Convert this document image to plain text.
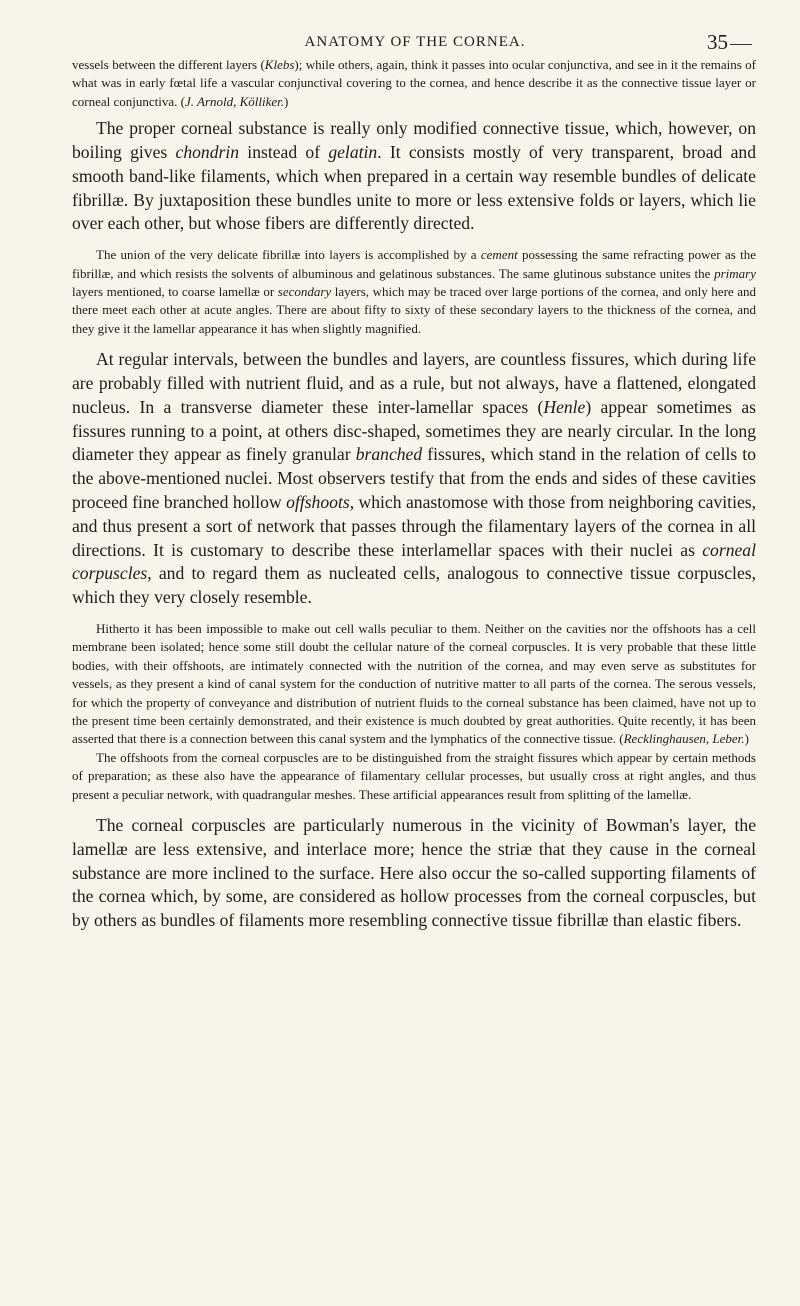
ANATOMY OF THE CORNEA.	35

vessels between the different layers (Klebs); while others, again, think it passes into ocular conjunctiva, and see in it the remains of what was in early fœtal life a vascular conjunctival covering to the cornea, and hence describe it as the connective tissue layer or corneal conjunctiva. (J. Arnold, Kölliker.)

The proper corneal substance is really only modified connective tissue, which, however, on boiling gives chondrin instead of gelatin. It consists mostly of very transparent, broad and smooth band-like filaments, which when prepared in a certain way resemble bundles of delicate fibrillæ. By juxtaposition these bundles unite to more or less extensive folds or layers, which lie over each other, but whose fibers are differently directed.

The union of the very delicate fibrillæ into layers is accomplished by a cement possessing the same refracting power as the fibrillæ, and which resists the solvents of albuminous and gelatinous substances. The same glutinous substance unites the primary layers mentioned, to coarse lamellæ or secondary layers, which may be traced over large portions of the cornea, and only here and there meet each other at acute angles. There are about fifty to sixty of these secondary layers to the thickness of the cornea, and they give it the lamellar appearance it has when slightly magnified.

At regular intervals, between the bundles and layers, are countless fissures, which during life are probably filled with nutrient fluid, and as a rule, but not always, have a flattened, elongated nucleus. In a transverse diameter these inter-lamellar spaces (Henle) appear sometimes as fissures running to a point, at others disc-shaped, sometimes they are nearly circular. In the long diameter they appear as finely granular branched fissures, which stand in the relation of cells to the above-mentioned nuclei. Most observers testify that from the ends and sides of these cavities proceed fine branched hollow offshoots, which anastomose with those from neighboring cavities, and thus present a sort of network that passes through the filamentary layers of the cornea in all directions. It is customary to describe these interlamellar spaces with their nuclei as corneal corpuscles, and to regard them as nucleated cells, analogous to connective tissue corpuscles, which they very closely resemble.

Hitherto it has been impossible to make out cell walls peculiar to them. Neither on the cavities nor the offshoots has a cell membrane been isolated; hence some still doubt the cellular nature of the corneal corpuscles. It is very probable that these little bodies, with their offshoots, are intimately connected with the nutrition of the cornea, and may even serve as substitutes for vessels, as they present a kind of canal system for the conduction of nutritive matter to all parts of the cornea. The serous vessels, for which the property of conveyance and distribution of nutrient fluids to the corneal substance has been claimed, have not up to the present time been certainly demonstrated, and their existence is much doubted by great authorities. Quite recently, it has been asserted that there is a connection between this canal system and the lymphatics of the connective tissue. (Recklinghausen, Leber.)

The offshoots from the corneal corpuscles are to be distinguished from the straight fissures which appear by certain methods of preparation; as these also have the appearance of filamentary cellular processes, but usually cross at right angles, and thus present a peculiar network, with quadrangular meshes. These artificial appearances result from splitting of the lamellæ.

The corneal corpuscles are particularly numerous in the vicinity of Bowman's layer, the lamellæ are less extensive, and interlace more; hence the striæ that they cause in the corneal substance are more inclined to the surface. Here also occur the so-called supporting filaments of the cornea which, by some, are considered as hollow processes from the corneal corpuscles, but by others as bundles of filaments more resembling connective tissue fibrillæ than elastic fibers.
